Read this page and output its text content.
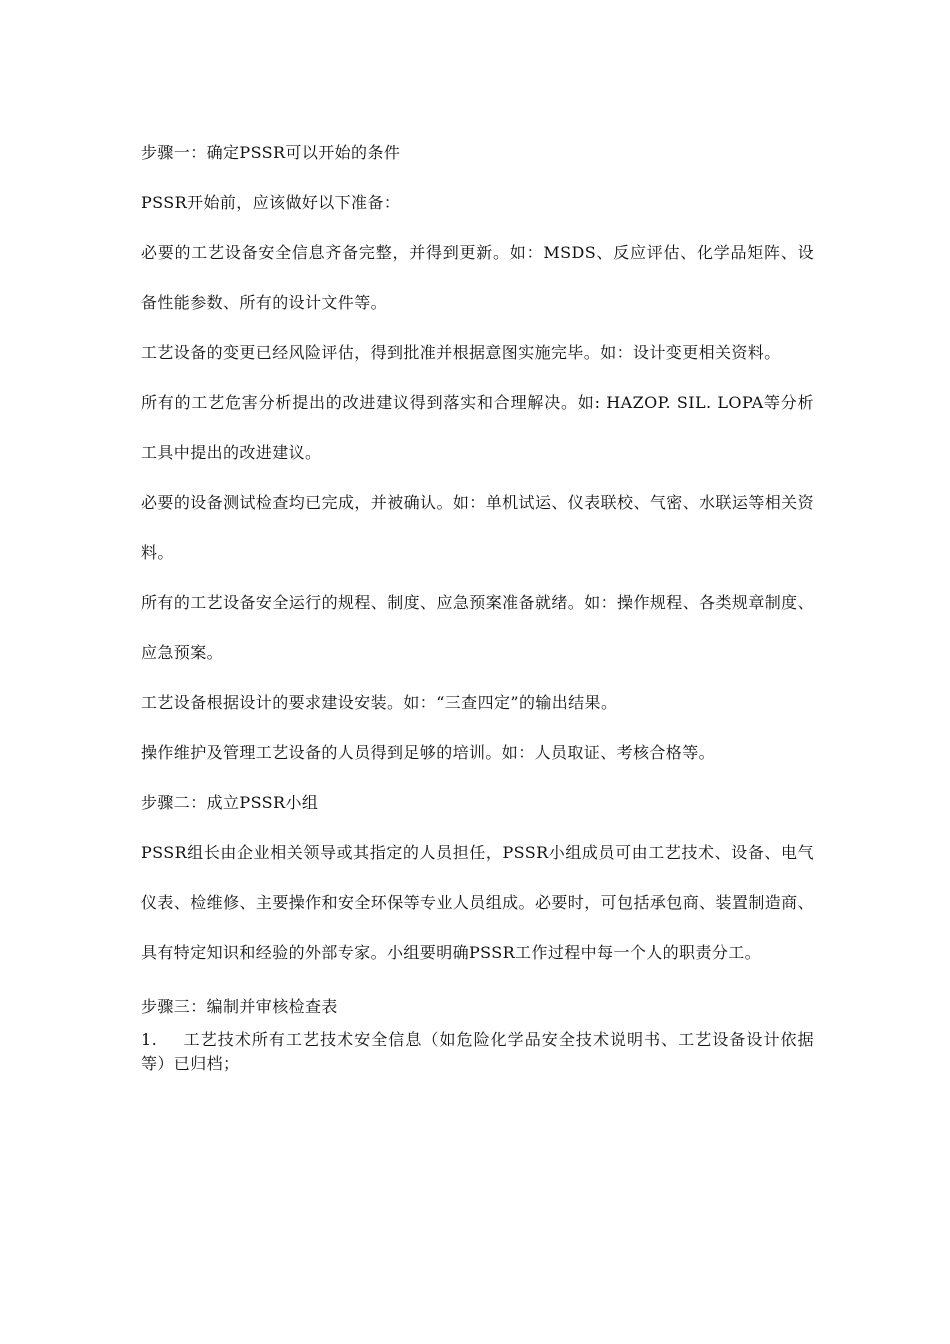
步骤一：确定PSSR可以开始的条件

PSSR开始前，应该做好以下准备：

必要的工艺设备安全信息齐备完整，并得到更新。如：MSDS、反应评估、化学品矩阵、设备性能参数、所有的设计文件等。

工艺设备的变更已经风险评估，得到批准并根据意图实施完毕。如：设计变更相关资料。

所有的工艺危害分析提出的改进建议得到落实和合理解决。如: HAZOP. SIL. LOPA等分析工具中提出的改进建议。

必要的设备测试检查均已完成，并被确认。如：单机试运、仪表联校、气密、水联运等相关资料。

所有的工艺设备安全运行的规程、制度、应急预案准备就绪。如：操作规程、各类规章制度、应急预案。

工艺设备根据设计的要求建设安装。如：“三查四定”的输出结果。

操作维护及管理工艺设备的人员得到足够的培训。如：人员取证、考核合格等。

步骤二：成立PSSR小组

PSSR组长由企业相关领导或其指定的人员担任，PSSR小组成员可由工艺技术、设备、电气仪表、检维修、主要操作和安全环保等专业人员组成。必要时，可包括承包商、装置制造商、具有特定知识和经验的外部专家。小组要明确PSSR工作过程中每一个人的职责分工。

步骤三：编制并审核检查表

1. 工艺技术所有工艺技术安全信息（如危险化学品安全技术说明书、工艺设备设计依据等）已归档；
